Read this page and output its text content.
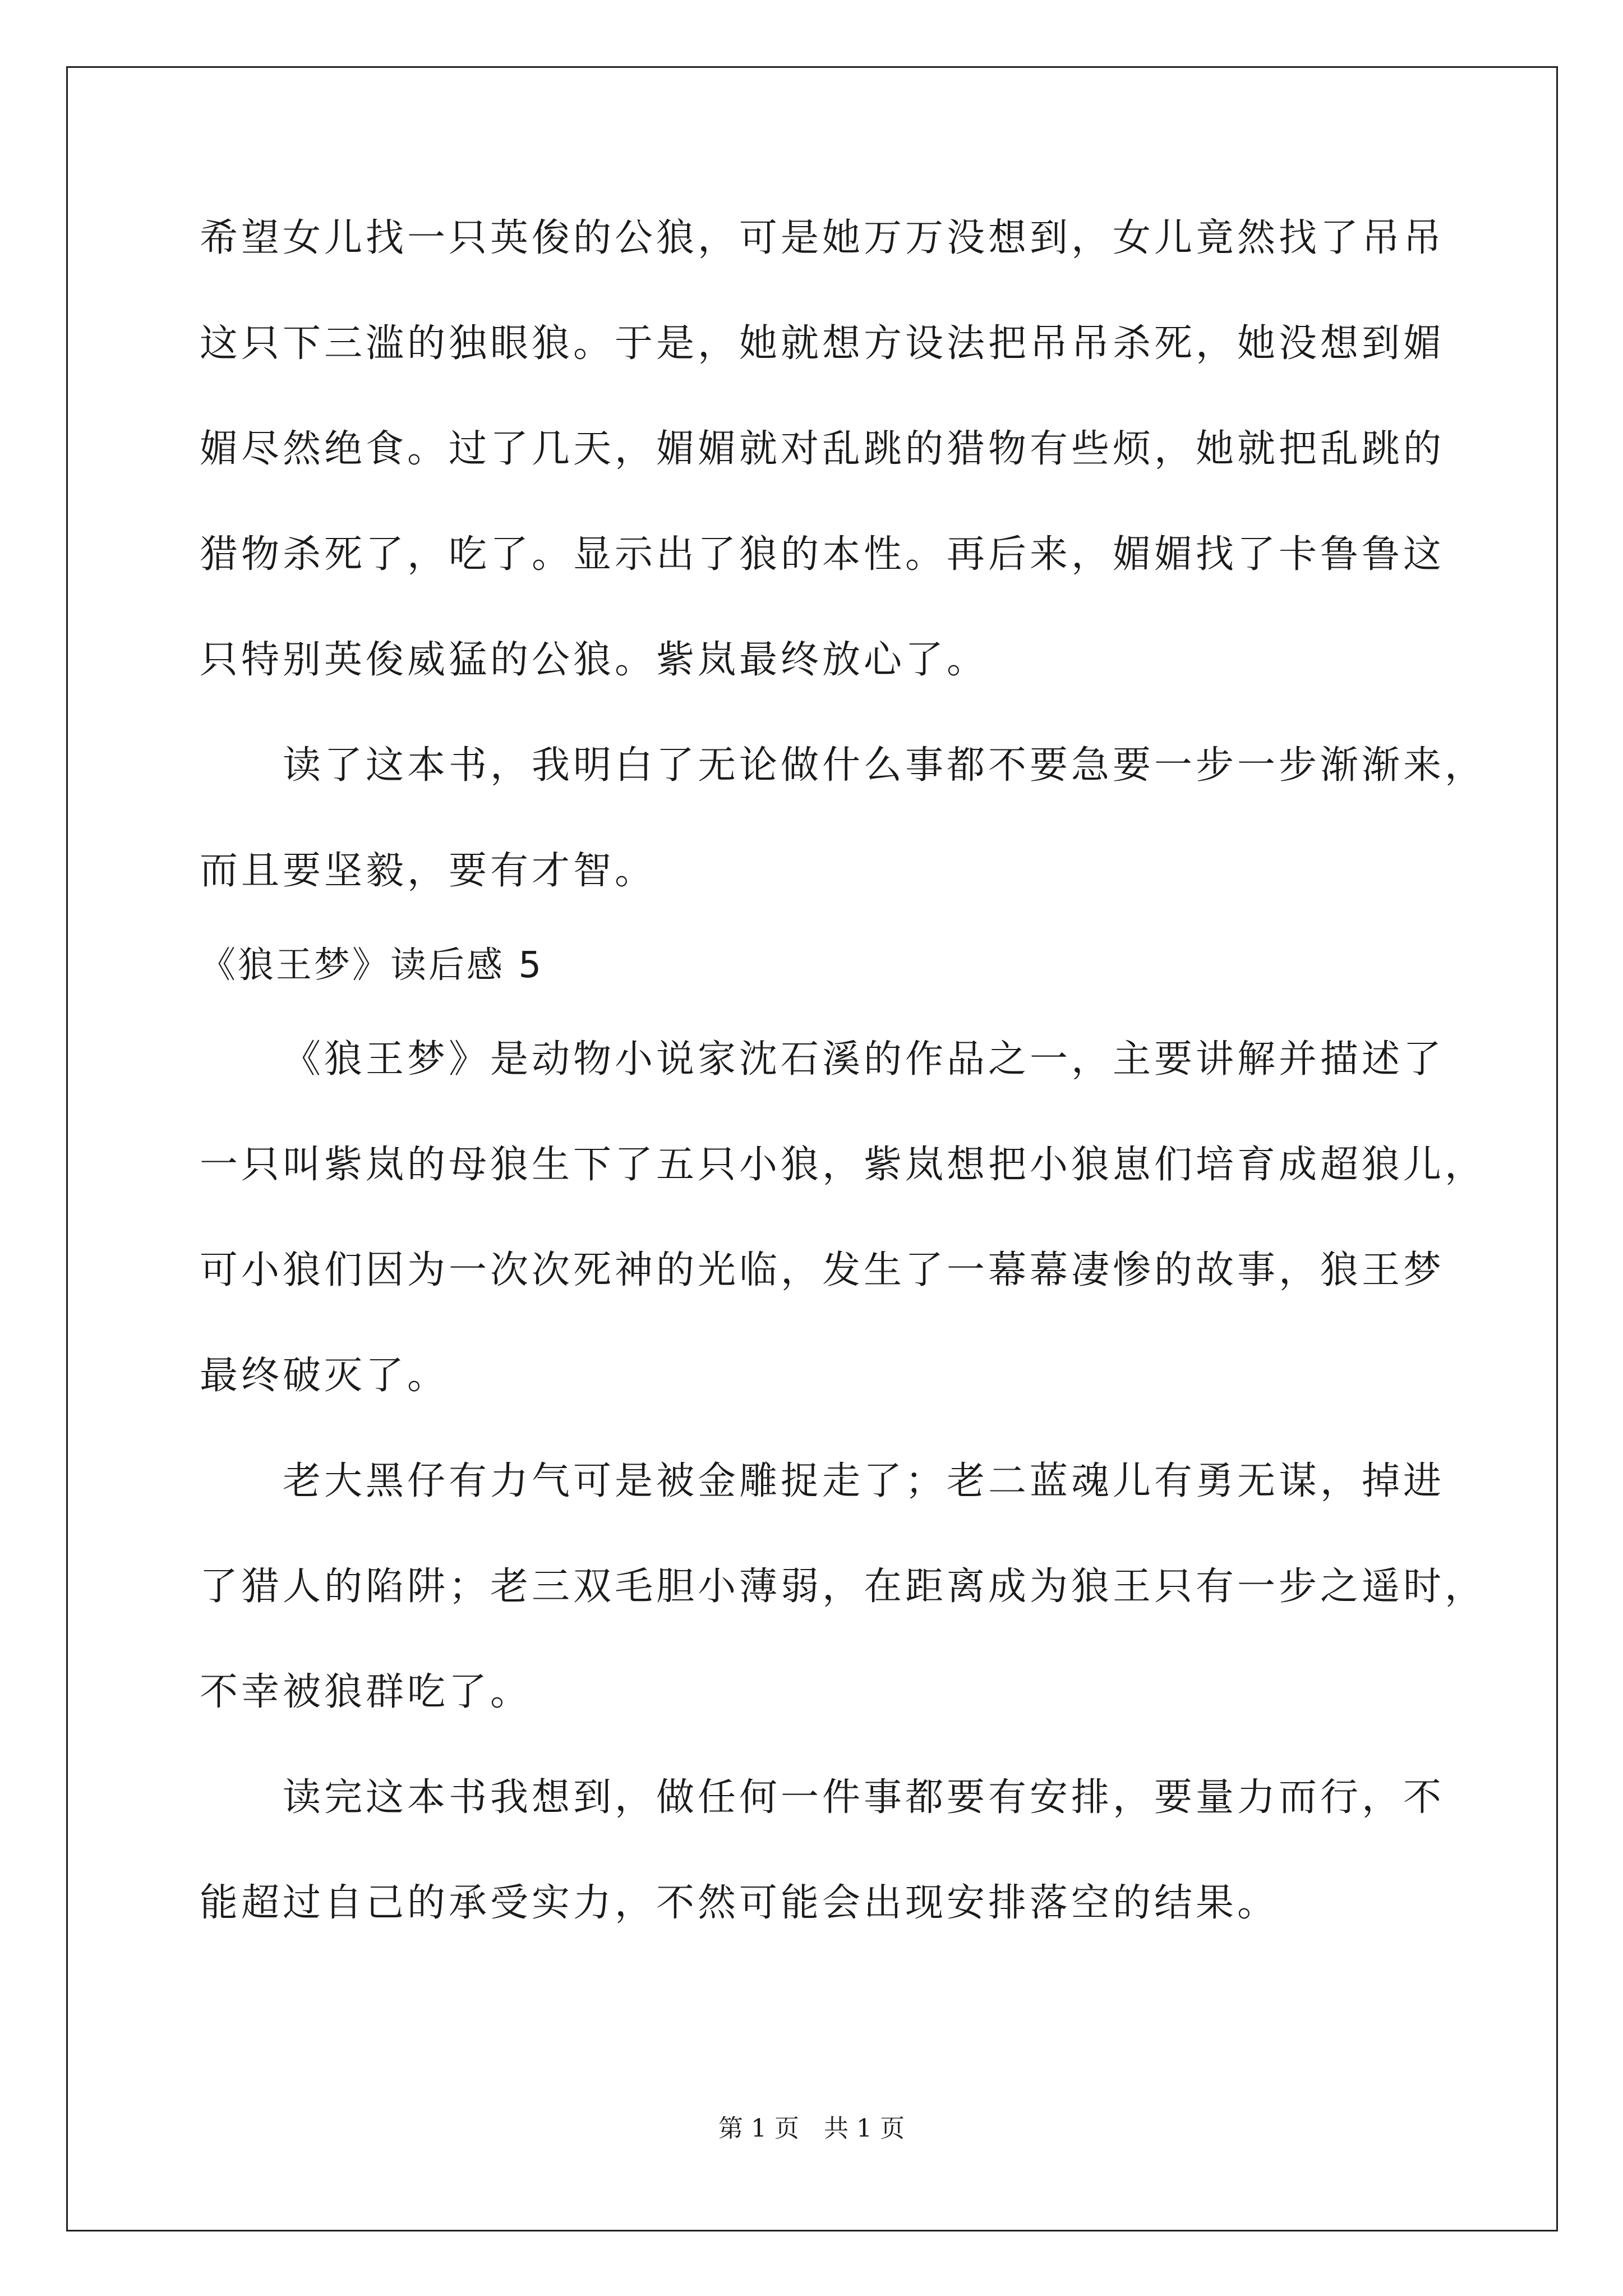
希望女儿找一只英俊的公狼，可是她万万没想到，女儿竟然找了吊吊
这只下三滥的独眼狼。于是，她就想方设法把吊吊杀死，她没想到媚
媚尽然绝食。过了几天，媚媚就对乱跳的猎物有些烦，她就把乱跳的
猎物杀死了，吃了。显示出了狼的本性。再后来，媚媚找了卡鲁鲁这
只特别英俊威猛的公狼。紫岚最终放心了。
读了这本书，我明白了无论做什么事都不要急要一步一步渐渐来，
而且要坚毅，要有才智。
《狼王梦》读后感 5
《狼王梦》是动物小说家沈石溪的作品之一，主要讲解并描述了
一只叫紫岚的母狼生下了五只小狼，紫岚想把小狼崽们培育成超狼儿，
可小狼们因为一次次死神的光临，发生了一幕幕凄惨的故事，狼王梦
最终破灭了。
老大黑仔有力气可是被金雕捉走了；老二蓝魂儿有勇无谋，掉进
了猎人的陷阱；老三双毛胆小薄弱，在距离成为狼王只有一步之遥时，
不幸被狼群吃了。
读完这本书我想到，做任何一件事都要有安排，要量力而行，不
能超过自己的承受实力，不然可能会出现安排落空的结果。
第 1 页　共 1 页
